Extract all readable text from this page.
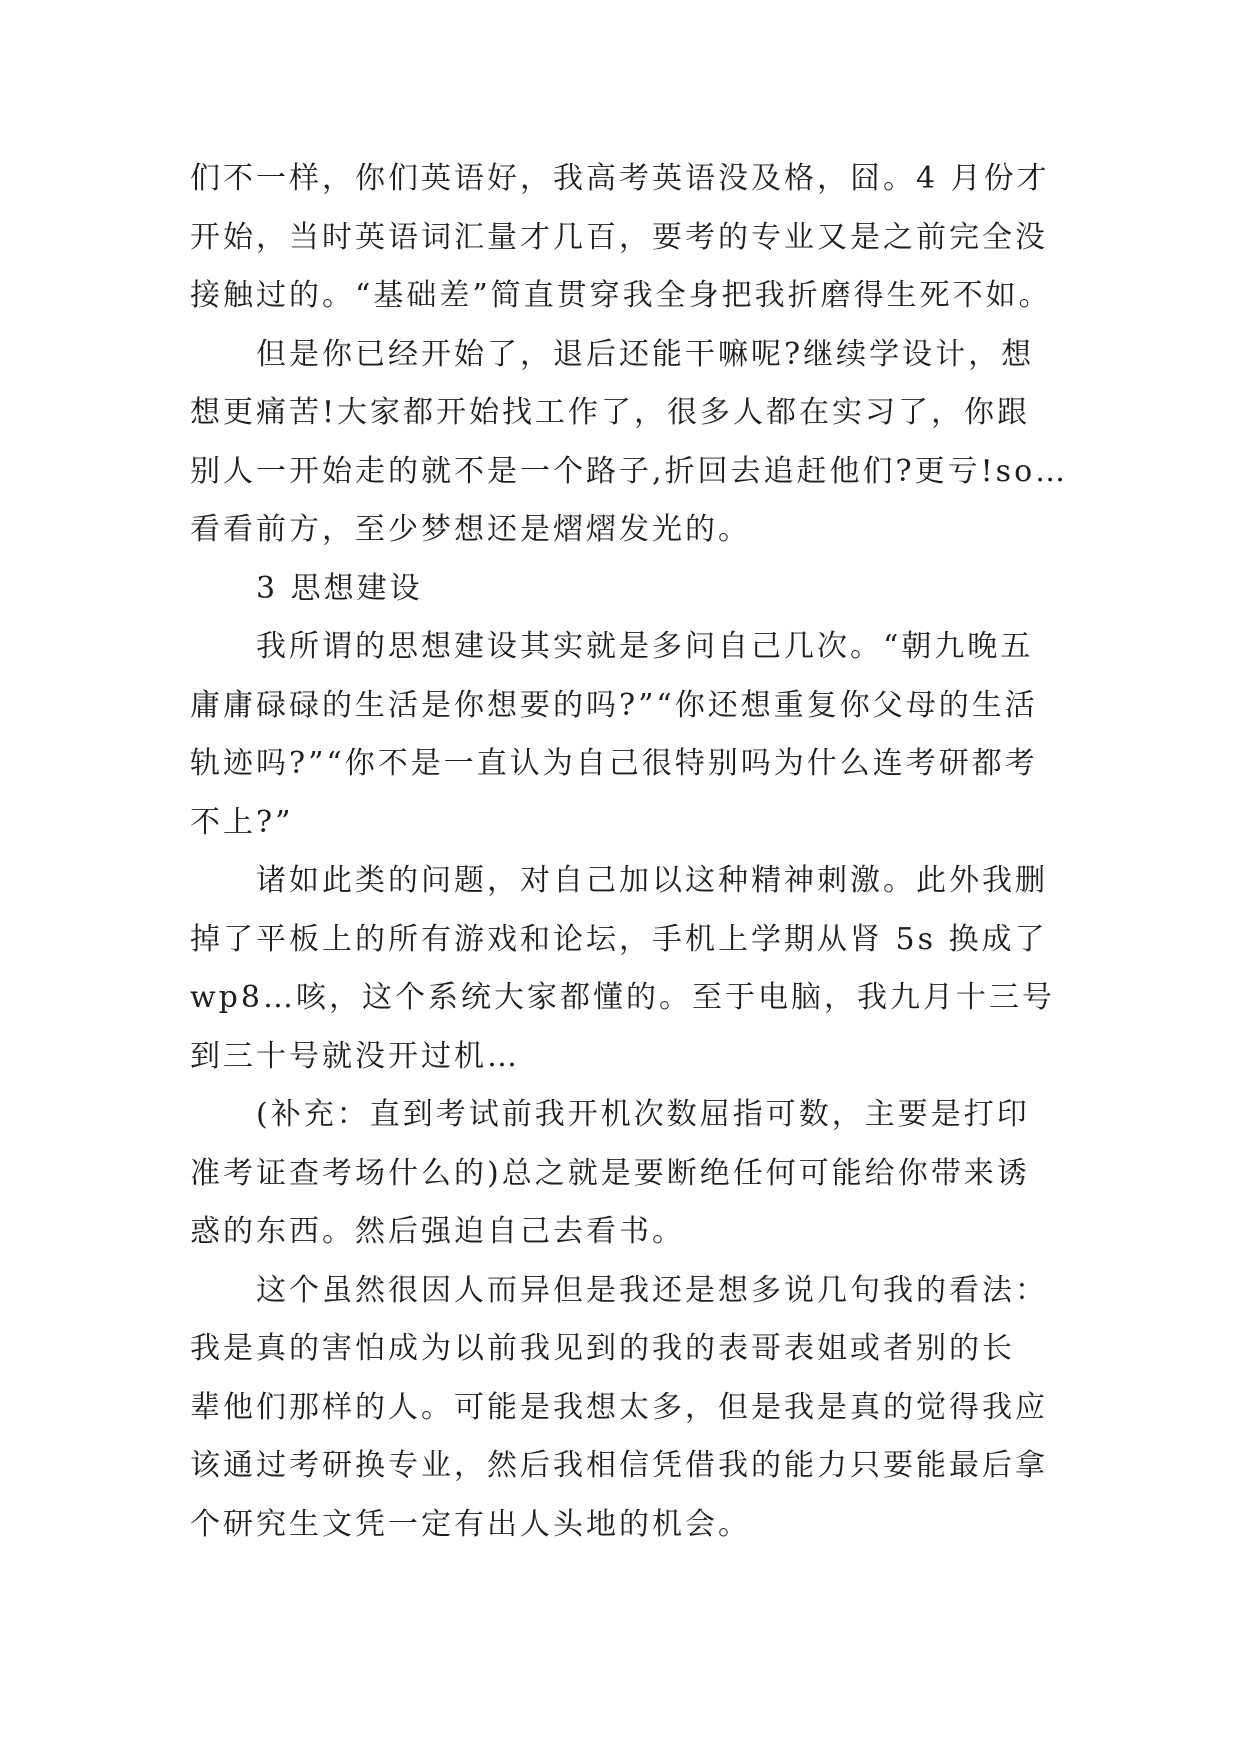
们不一样，你们英语好，我高考英语没及格，囧。4 月份才
开始，当时英语词汇量才几百，要考的专业又是之前完全没
接触过的。“基础差”简直贯穿我全身把我折磨得生死不如。
但是你已经开始了，退后还能干嘛呢?继续学设计，想
想更痛苦!大家都开始找工作了，很多人都在实习了，你跟
别人一开始走的就不是一个路子,折回去追赶他们?更亏!so…
看看前方，至少梦想还是熠熠发光的。
3 思想建设
我所谓的思想建设其实就是多问自己几次。“朝九晚五
庸庸碌碌的生活是你想要的吗?”“你还想重复你父母的生活
轨迹吗?”“你不是一直认为自己很特别吗为什么连考研都考
不上?”
诸如此类的问题，对自己加以这种精神刺激。此外我删
掉了平板上的所有游戏和论坛，手机上学期从肾 5s 换成了
wp8…咳，这个系统大家都懂的。至于电脑，我九月十三号
到三十号就没开过机…
(补充：直到考试前我开机次数屈指可数，主要是打印
准考证查考场什么的)总之就是要断绝任何可能给你带来诱
惑的东西。然后强迫自己去看书。
这个虽然很因人而异但是我还是想多说几句我的看法：
我是真的害怕成为以前我见到的我的表哥表姐或者别的长
辈他们那样的人。可能是我想太多，但是我是真的觉得我应
该通过考研换专业，然后我相信凭借我的能力只要能最后拿
个研究生文凭一定有出人头地的机会。
